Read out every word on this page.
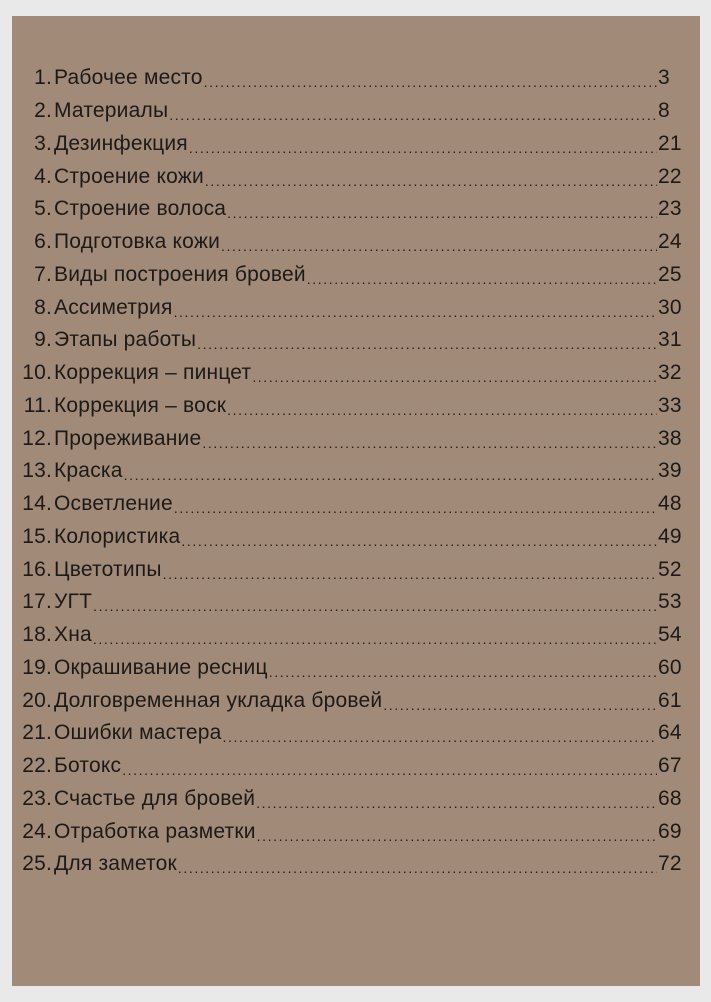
1. Рабочее место .....	3
2. Материалы .....	8
3. Дезинфекция .....	21
4. Строение кожи .....	22
5. Строение волоса .....	23
6. Подготовка кожи .....	24
7. Виды построения бровей .....	25
8. Ассиметрия .....	30
9. Этапы работы .....	31
10. Коррекция – пинцет .....	32
11. Коррекция – воск .....	33
12. Прореживание .....	38
13. Краска .....	39
14. Осветление .....	48
15. Колористика .....	49
16. Цветотипы .....	52
17. УГТ .....	53
18. Хна .....	54
19. Окрашивание ресниц .....	60
20. Долговременная укладка бровей .....	61
21. Ошибки мастера .....	64
22. Ботокс .....	67
23. Счастье для бровей .....	68
24. Отработка разметки .....	69
25. Для заметок .....	72
